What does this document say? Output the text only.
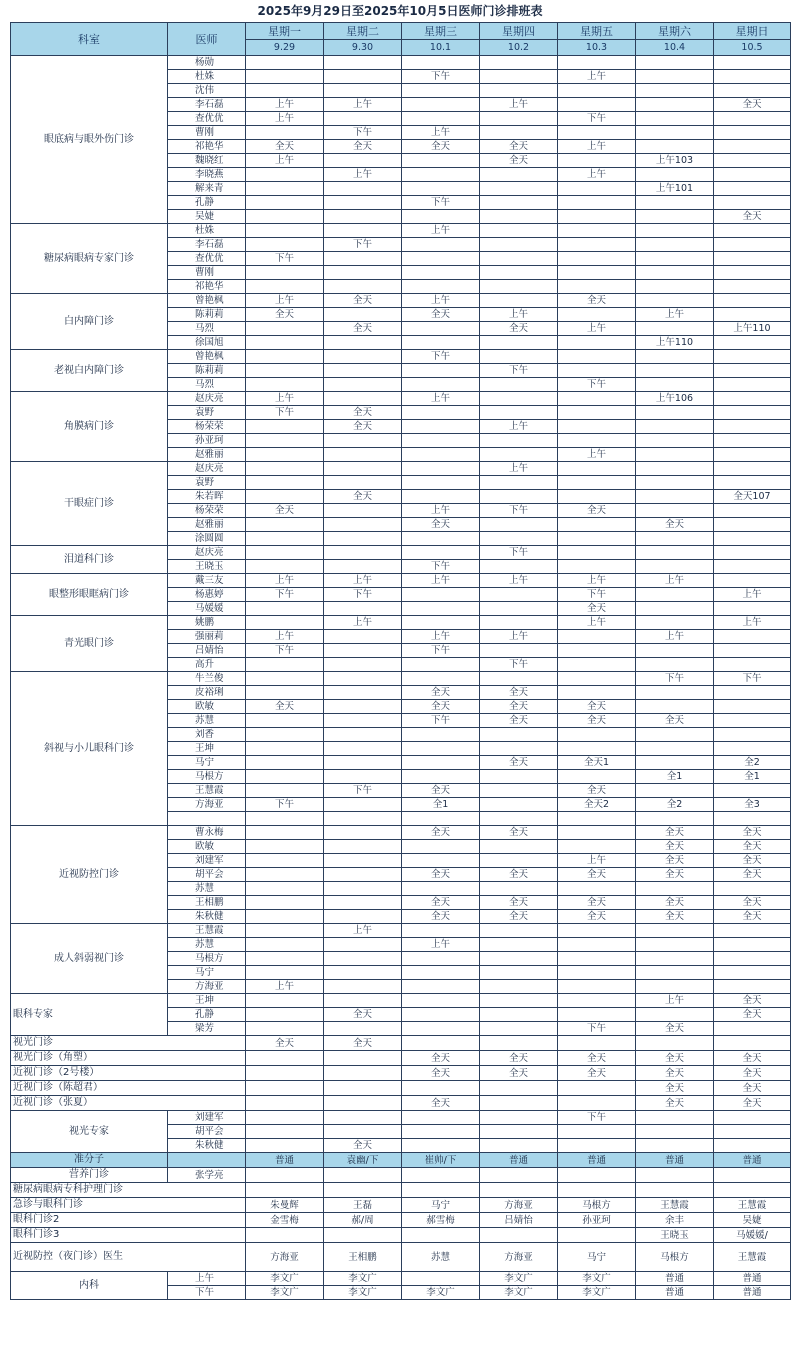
2025年9月29日至2025年10月5日医师门诊排班表
科室	医师	星期一	星期二	星期三	星期四	星期五	星期六	星期日
		9.29	9.30	10.1	10.2	10.3	10.4	10.5
眼底病与眼外伤门诊	杨勋							
	杜姝			下午		上午		
	沈伟							
	李石磊	上午	上午		上午			全天
	查优优	上午				下午		
	曹刚		下午	上午				
	祁艳华	全天	全天	全天	全天	上午		
	魏晓红	上午			全天		上午103	
	李晓燕		上午			上午		
	解来青						上午101	
	孔静			下午				
	吴婕							全天
糖尿病眼病专家门诊	杜姝			上午				
	李石磊		下午					
	查优优	下午						
	曹刚							
	祁艳华							
白内障门诊	曾艳枫	上午	全天	上午		全天		
	陈莉莉	全天		全天	上午		上午	
	马烈		全天		全天	上午		上午110
	徐国旭						上午110	
老视白内障门诊	曾艳枫			下午				
	陈莉莉				下午			
	马烈					下午		
角膜病门诊	赵庆亮	上午		上午			上午106	
	袁野	下午	全天					
	杨荣荣		全天		上午			
	孙亚珂							
	赵雅丽					上午		
干眼症门诊	赵庆亮				上午			
	袁野							
	朱若晖		全天					全天107
	杨荣荣	全天		上午	下午	全天		
	赵雅丽			全天			全天	
	涂圆圆							
泪道科门诊	赵庆亮				下午			
	王晓玉			下午				
眼整形眼眶病门诊	戴三友	上午	上午	上午	上午	上午	上午	
	杨惠婷	下午	下午			下午		上午
	马媛媛					全天		
青光眼门诊	姚鹏		上午			上午		上午
	强丽莉	上午		上午	上午		上午	
	吕婧怡	下午		下午				
	高升				下午			
斜视与小儿眼科门诊	牛兰俊						下午	下午
	皮裕琍			全天	全天			
	欧敏	全天		全天	全天	全天		
	苏慧			下午	全天	全天	全天	
	刘香							
	王坤							
	马宁				全天	全天1		全2
	马根方						全1	全1
	王慧霞		下午	全天		全天		
	方海亚	下午		全1		全天2	全2	全3

近视防控门诊	曹永梅			全天	全天		全天	全天
	欧敏						全天	全天
	刘建军					上午	全天	全天
	胡平会			全天	全天	全天	全天	全天
	苏慧							
	王相鹏			全天	全天	全天	全天	全天
	朱秋健			全天	全天	全天	全天	全天
成人斜弱视门诊	王慧霞		上午					
	苏慧			上午				
	马根方							
	马宁							
	方海亚	上午						
眼科专家	王坤						上午	全天
	孔静		全天					全天
	梁芳					下午	全天	
视光门诊		全天	全天					
视光门诊（角塑）				全天	全天	全天	全天	全天
近视门诊（2号楼）				全天	全天	全天	全天	全天
近视门诊（陈超君）							全天	全天
近视门诊（张夏）				全天			全天	全天
视光专家	刘建军					下午		
	胡平会							
	朱秋健		全天					
准分子		普通	袁幽/下	崔帅/下	普通	普通	普通	普通
营养门诊	张学亮							
糖尿病眼病专科护理门诊								
急诊与眼科门诊		朱曼辉	王磊	马宁	方海亚	马根方	王慧霞	王慧霞
眼科门诊2		金雪梅	郝/周	郝雪梅	吕婧怡	孙亚珂	余丰	吴婕
眼科门诊3							王晓玉	马媛媛/
近视防控（夜门诊）医生		方海亚	王相鹏	苏慧	方海亚	马宁	马根方	王慧霞
内科	上午	李文广	李文广		李文广	李文广	普通	普通
	下午	李文广	李文广	李文广	李文广	李文广	普通	普通
